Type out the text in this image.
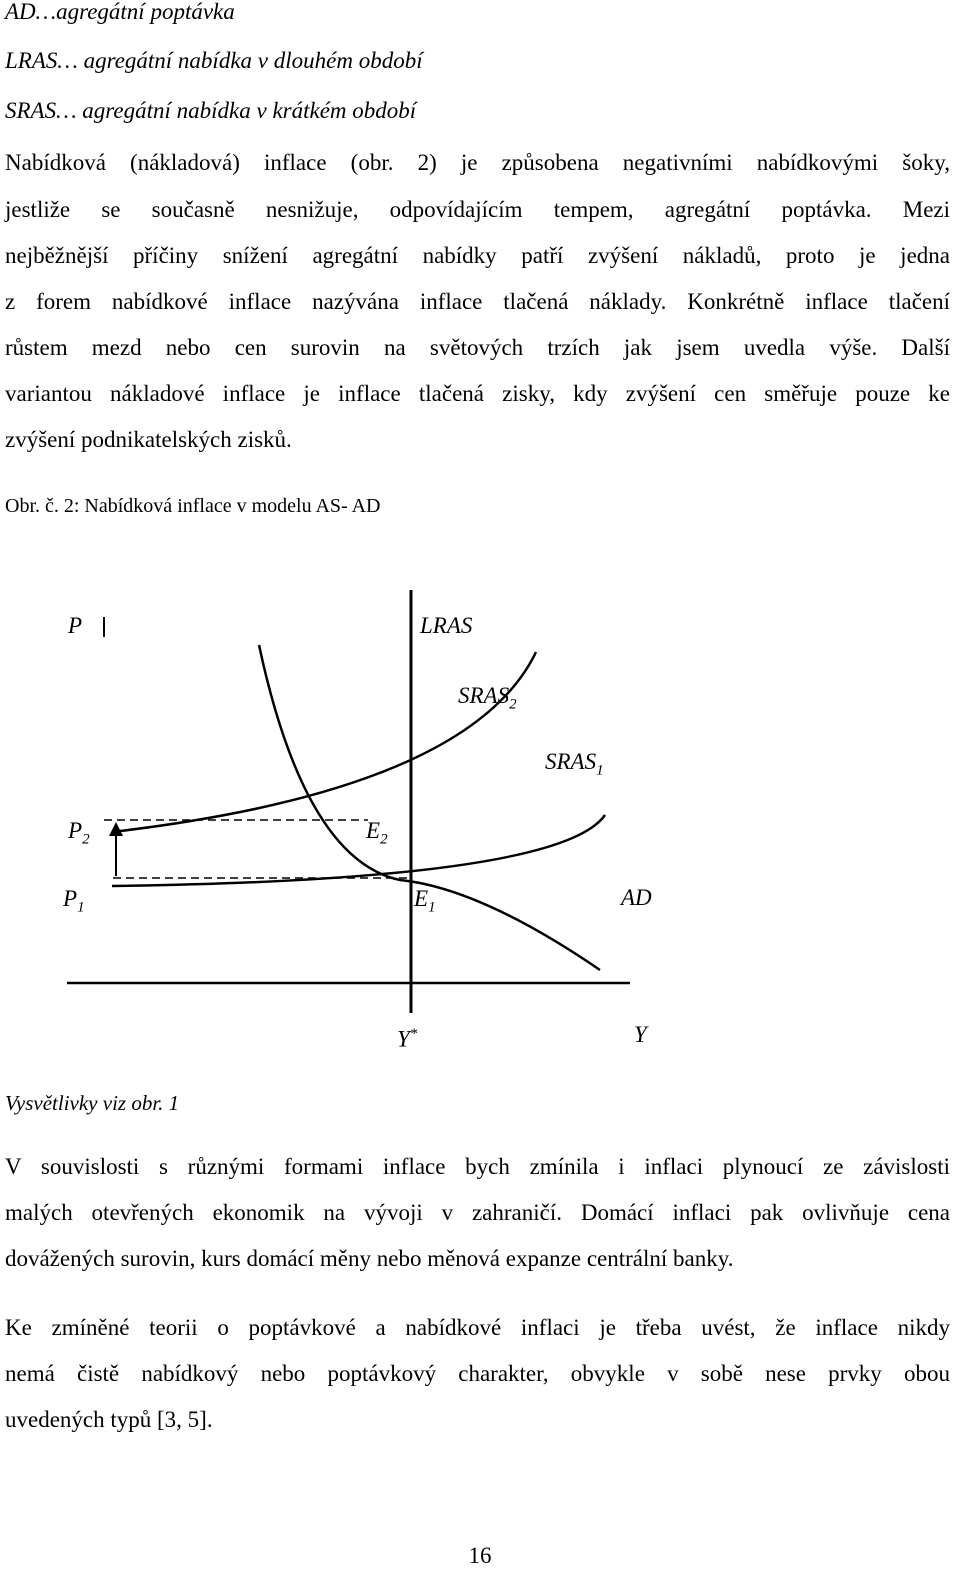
AD…agregátní poptávka
LRAS… agregátní nabídka v dlouhém období
SRAS… agregátní nabídka v krátkém období
Nabídková (nákladová) inflace (obr. 2) je způsobena negativními nabídkovými šoky,
jestliže se současně nesnižuje, odpovídajícím tempem, agregátní poptávka. Mezi
nejběžnější příčiny snížení agregátní nabídky patří zvýšení nákladů, proto je jedna
z forem nabídkové inflace nazývána inflace tlačená náklady. Konkrétně inflace tlačení
růstem mezd nebo cen surovin na světových trzích jak jsem uvedla výše. Další
variantou nákladové inflace je inflace tlačená zisky, kdy zvýšení cen směřuje pouze ke
zvýšení podnikatelských zisků.
Obr. č. 2: Nabídková inflace v modelu AS- AD
P	LRAS
$SRAS_2$
$SRAS_1$
$P_2$	$E_2$
$P_1$	$E_1$	AD
Y*	Y
Vysvětlivky viz obr. 1
V souvislosti s různými formami inflace bych zmínila i inflaci plynoucí ze závislosti
malých otevřených ekonomik na vývoji v zahraničí. Domácí inflaci pak ovlivňuje cena
dovážených surovin, kurs domácí měny nebo měnová expanze centrální banky.
Ke zmíněné teorii o poptávkové a nabídkové inflaci je třeba uvést, že inflace nikdy
nemá čistě nabídkový nebo poptávkový charakter, obvykle v sobě nese prvky obou
uvedených typů [3, 5].
16
